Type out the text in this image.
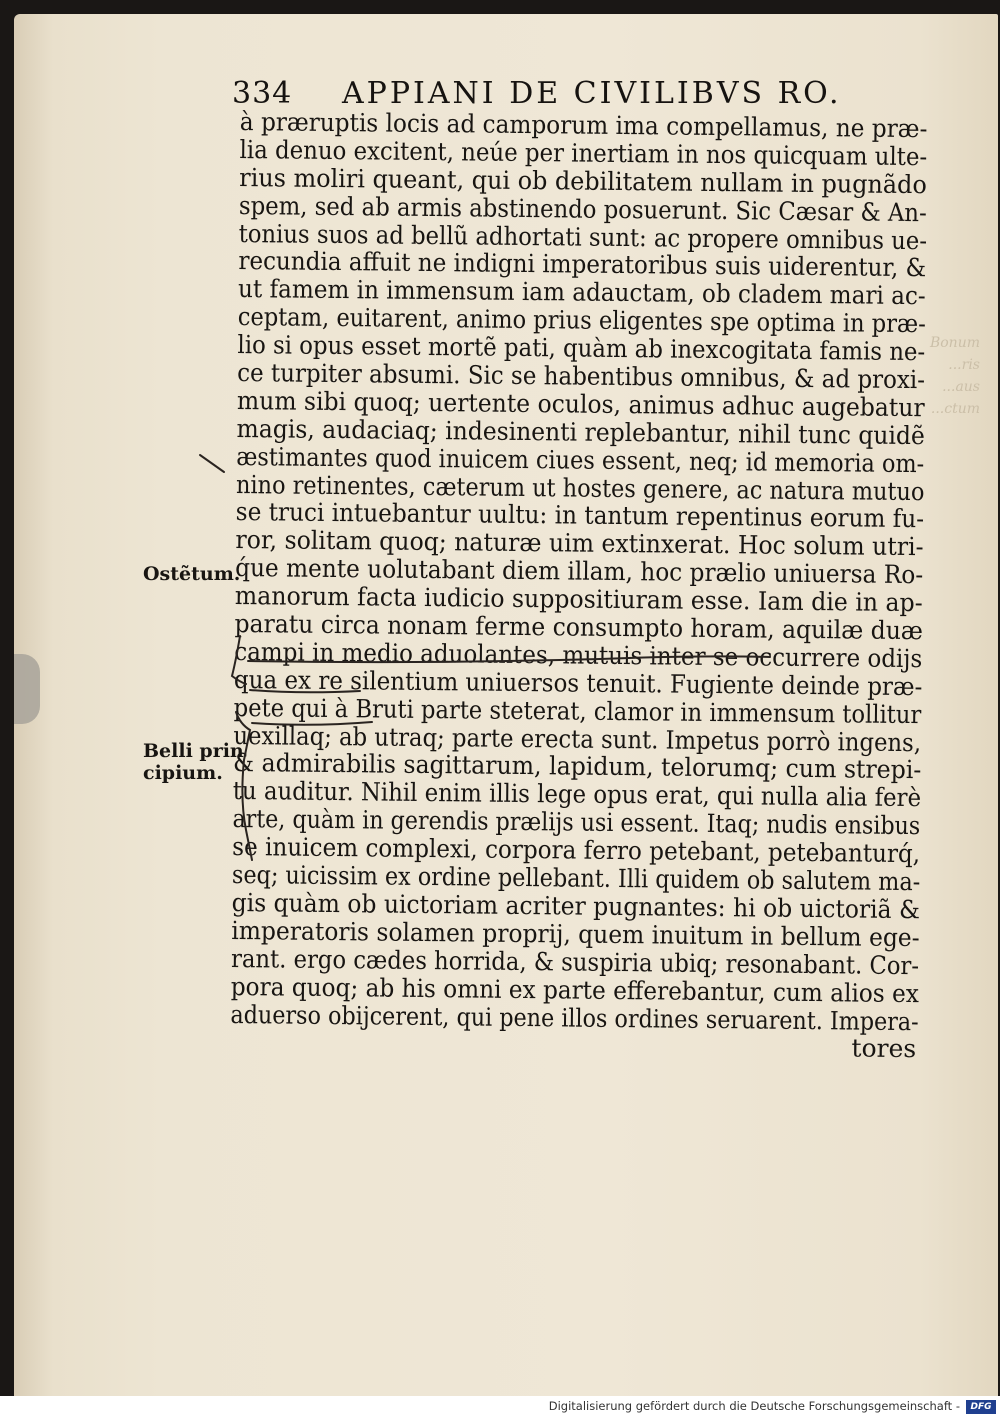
Bonum
...ris
...aus
...ctum
334 APPIANI DE CIVILIBVS RO.
Ostẽtum.
Belli prin
cipium.
à præruptis locis ad camporum ima compellamus, ne præ-
lia denuo excitent, neúe per inertiam in nos quicquam ulte-
rius moliri queant, qui ob debilitatem nullam in pugnãdo
spem, sed ab armis abstinendo posuerunt. Sic Cæsar & An-
tonius suos ad bellũ adhortati sunt: ac propere omnibus ue-
recundia affuit ne indigni imperatoribus suis uiderentur, &
ut famem in immensum iam adauctam, ob cladem mari ac-
ceptam, euitarent, animo prius eligentes spe optima in præ-
lio si opus esset mortẽ pati, quàm ab inexcogitata famis ne-
ce turpiter absumi. Sic se habentibus omnibus, & ad proxi-
mum sibi quoq; uertente oculos, animus adhuc augebatur
magis, audaciaq; indesinenti replebantur, nihil tunc quidẽ
æstimantes quod inuicem ciues essent, neq; id memoria om-
nino retinentes, cæterum ut hostes genere, ac natura mutuo
se truci intuebantur uultu: in tantum repentinus eorum fu-
ror, solitam quoq; naturæ uim extinxerat. Hoc solum utri-
q́ue mente uolutabant diem illam, hoc prælio uniuersa Ro-
manorum facta iudicio suppositiuram esse. Iam die in ap-
paratu circa nonam ferme consumpto horam, aquilæ duæ
campi in medio aduolantes, mutuis inter se occurrere odijs
qua ex re silentium uniuersos tenuit. Fugiente deinde præ-
pete qui à Bruti parte steterat, clamor in immensum tollitur
uexillaq; ab utraq; parte erecta sunt. Impetus porrò ingens,
& admirabilis sagittarum, lapidum, telorumq; cum strepi-
tu auditur. Nihil enim illis lege opus erat, qui nulla alia ferè
arte, quàm in gerendis prælijs usi essent. Itaq; nudis ensibus
se inuicem complexi, corpora ferro petebant, petebanturq́,
seq; uicissim ex ordine pellebant. Illi quidem ob salutem ma-
gis quàm ob uictoriam acriter pugnantes: hi ob uictoriã &
imperatoris solamen proprij, quem inuitum in bellum ege-
rant. ergo cædes horrida, & suspiria ubiq; resonabant. Cor-
pora quoq; ab his omni ex parte efferebantur, cum alios ex
aduerso obijcerent, qui pene illos ordines seruarent. Impera-
tores
Digitalisierung gefördert durch die Deutsche Forschungsgemeinschaft -	DFG
